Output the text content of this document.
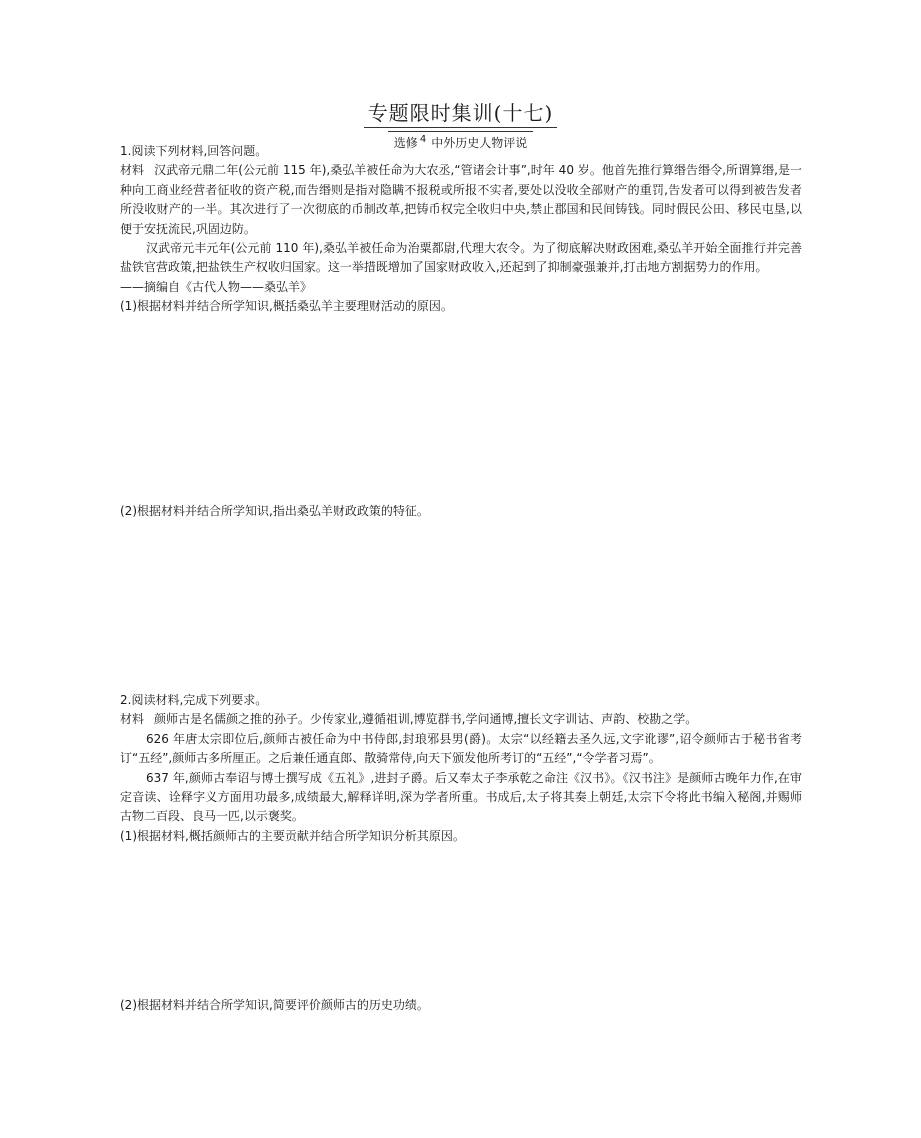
专题限时集训(十七)
选修 $^4$ 中外历史人物评说

1.阅读下列材料,回答问题。

材料 汉武帝元鼎二年(公元前 115 年),桑弘羊被任命为大农丞,“管诸会计事”,时年 40 岁。他首先推行算缗告缗令,所谓算缗,是一种向工商业经营者征收的资产税,而告缗则是指对隐瞒不报税或所报不实者,要处以没收全部财产的重罚,告发者可以得到被告发者所没收财产的一半。其次进行了一次彻底的币制改革,把铸币权完全收归中央,禁止郡国和民间铸钱。同时假民公田、移民屯垦,以便于安抚流民,巩固边防。

汉武帝元丰元年(公元前 110 年),桑弘羊被任命为治粟都尉,代理大农令。为了彻底解决财政困难,桑弘羊开始全面推行并完善盐铁官营政策,把盐铁生产权收归国家。这一举措既增加了国家财政收入,还起到了抑制豪强兼并,打击地方割据势力的作用。

——摘编自《古代人物——桑弘羊》

(1)根据材料并结合所学知识,概括桑弘羊主要理财活动的原因。

(2)根据材料并结合所学知识,指出桑弘羊财政政策的特征。

2.阅读材料,完成下列要求。

材料 颜师古是名儒颜之推的孙子。少传家业,遵循祖训,博览群书,学问通博,擅长文字训诂、声韵、校勘之学。

626 年唐太宗即位后,颜师古被任命为中书侍郎,封琅邪县男(爵)。太宗“以经籍去圣久远,文字讹谬”,诏令颜师古于秘书省考订“五经”,颜师古多所厘正。之后兼任通直郎、散骑常侍,向天下颁发他所考订的“五经”,“令学者习焉”。

637 年,颜师古奉诏与博士撰写成《五礼》,进封子爵。后又奉太子李承乾之命注《汉书》。《汉书注》是颜师古晚年力作,在审定音读、诠释字义方面用功最多,成绩最大,解释详明,深为学者所重。书成后,太子将其奏上朝廷,太宗下令将此书编入秘阁,并赐师古物二百段、良马一匹,以示褒奖。

(1)根据材料,概括颜师古的主要贡献并结合所学知识分析其原因。

(2)根据材料并结合所学知识,简要评价颜师古的历史功绩。
